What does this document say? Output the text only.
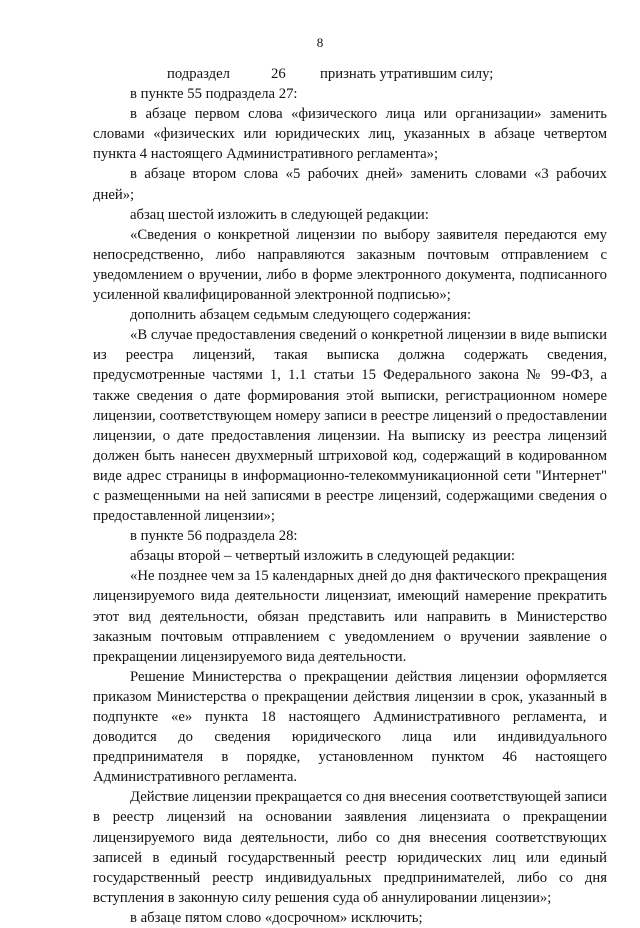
8

подраздел	26	признать утратившим силу;

в пункте 55 подраздела 27:

в абзаце первом слова «физического лица или организации» заменить словами «физических или юридических лиц, указанных в абзаце четвертом пункта 4 настоящего Административного регламента»;

в абзаце втором слова «5 рабочих дней» заменить словами «3 рабочих дней»;

абзац шестой изложить в следующей редакции:

«Сведения о конкретной лицензии по выбору заявителя передаются ему непосредственно, либо направляются заказным почтовым отправлением с уведомлением о вручении, либо в форме электронного документа, подписанного усиленной квалифицированной электронной подписью»;

дополнить абзацем седьмым следующего содержания:

«В случае предоставления сведений о конкретной лицензии в виде выписки из реестра лицензий, такая выписка должна содержать сведения, предусмотренные частями 1, 1.1 статьи 15 Федерального закона № 99-ФЗ, а также сведения о дате формирования этой выписки, регистрационном номере лицензии, соответствующем номеру записи в реестре лицензий о предоставлении лицензии, о дате предоставления лицензии. На выписку из реестра лицензий должен быть нанесен двухмерный штриховой код, содержащий в кодированном виде адрес страницы в информационно-телекоммуникационной сети "Интернет" с размещенными на ней записями в реестре лицензий, содержащими сведения о предоставленной лицензии»;

в пункте 56 подраздела 28:

абзацы второй – четвертый изложить в следующей редакции:

«Не позднее чем за 15 календарных дней до дня фактического прекращения лицензируемого вида деятельности лицензиат, имеющий намерение прекратить этот вид деятельности, обязан представить или направить в Министерство заказным почтовым отправлением с уведомлением о вручении заявление о прекращении лицензируемого вида деятельности.

Решение Министерства о прекращении действия лицензии оформляется приказом Министерства о прекращении действия лицензии в срок, указанный в подпункте «е» пункта 18 настоящего Административного регламента, и доводится до сведения юридического лица или индивидуального предпринимателя в порядке, установленном пунктом 46 настоящего Административного регламента.

Действие лицензии прекращается со дня внесения соответствующей записи в реестр лицензий на основании заявления лицензиата о прекращении лицензируемого вида деятельности, либо со дня внесения соответствующих записей в единый государственный реестр юридических лиц или единый государственный реестр индивидуальных предпринимателей, либо со дня вступления в законную силу решения суда об аннулировании лицензии»;

в абзаце пятом слово «досрочном» исключить;
